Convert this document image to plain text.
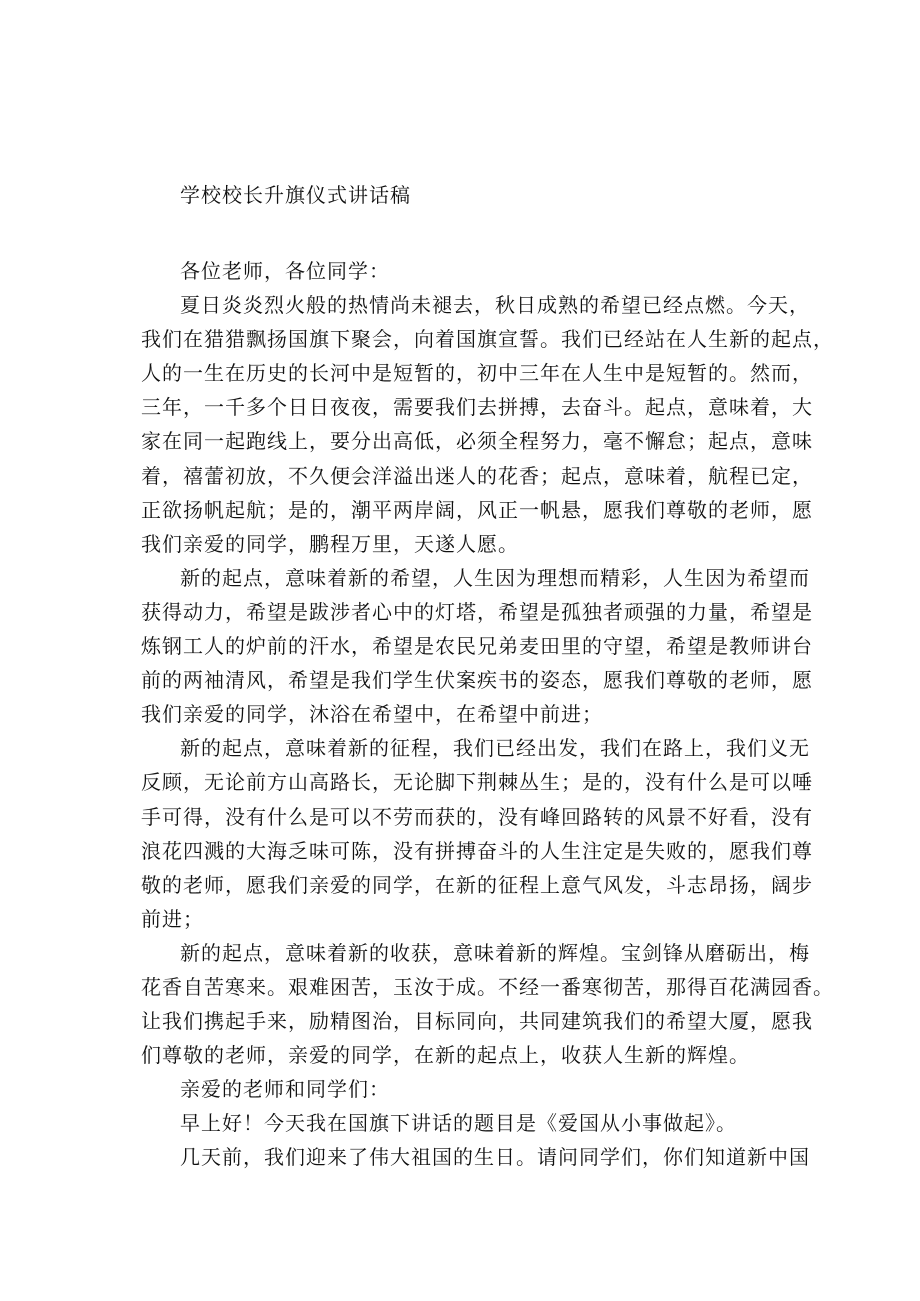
学校校长升旗仪式讲话稿
各位老师，各位同学：
夏日炎炎烈火般的热情尚未褪去，秋日成熟的希望已经点燃。今天，
我们在猎猎飘扬国旗下聚会，向着国旗宣誓。我们已经站在人生新的起点，
人的一生在历史的长河中是短暂的，初中三年在人生中是短暂的。然而，
三年，一千多个日日夜夜，需要我们去拼搏，去奋斗。起点，意味着，大
家在同一起跑线上，要分出高低，必须全程努力，毫不懈怠；起点，意味
着，禧蕾初放，不久便会洋溢出迷人的花香；起点，意味着，航程已定，
正欲扬帆起航；是的，潮平两岸阔，风正一帆悬，愿我们尊敬的老师，愿
我们亲爱的同学，鹏程万里，天遂人愿。
新的起点，意味着新的希望，人生因为理想而精彩，人生因为希望而
获得动力，希望是跋涉者心中的灯塔，希望是孤独者顽强的力量，希望是
炼钢工人的炉前的汗水，希望是农民兄弟麦田里的守望，希望是教师讲台
前的两袖清风，希望是我们学生伏案疾书的姿态，愿我们尊敬的老师，愿
我们亲爱的同学，沐浴在希望中，在希望中前进；
新的起点，意味着新的征程，我们已经出发，我们在路上，我们义无
反顾，无论前方山高路长，无论脚下荆棘丛生；是的，没有什么是可以唾
手可得，没有什么是可以不劳而获的，没有峰回路转的风景不好看，没有
浪花四溅的大海乏味可陈，没有拼搏奋斗的人生注定是失败的，愿我们尊
敬的老师，愿我们亲爱的同学，在新的征程上意气风发，斗志昂扬，阔步
前进；
新的起点，意味着新的收获，意味着新的辉煌。宝剑锋从磨砺出，梅
花香自苦寒来。艰难困苦，玉汝于成。不经一番寒彻苦，那得百花满园香。
让我们携起手来，励精图治，目标同向，共同建筑我们的希望大厦，愿我
们尊敬的老师，亲爱的同学，在新的起点上，收获人生新的辉煌。
亲爱的老师和同学们：
早上好！今天我在国旗下讲话的题目是《爱国从小事做起》。
几天前，我们迎来了伟大祖国的生日。请问同学们，你们知道新中国
